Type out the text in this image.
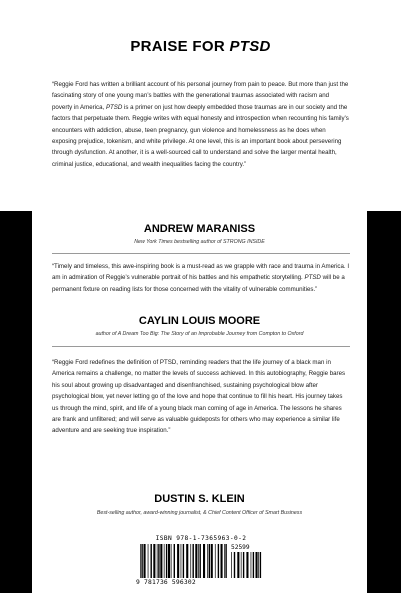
PRAISE FOR PTSD
“Reggie Ford has written a brilliant account of his personal journey from pain to peace. But more than just the fascinating story of one young man’s battles with the generational traumas associated with racism and poverty in America, PTSD is a primer on just how deeply embedded those traumas are in our society and the factors that perpetuate them. Reggie writes with equal honesty and introspection when recounting his family’s encounters with addiction, abuse, teen pregnancy, gun violence and homelessness as he does when exposing prejudice, tokenism, and white privilege. At one level, this is an important book about persevering through dysfunction. At another, it is a well-sourced call to understand and solve the larger mental health, criminal justice, educational, and wealth inequalities facing the country.”
ANDREW MARANISS
New York Times bestselling author of STRONG INSIDE
“Timely and timeless, this awe-inspiring book is a must-read as we grapple with race and trauma in America. I am in admiration of Reggie’s vulnerable portrait of his battles and his empathetic storytelling. PTSD will be a permanent fixture on reading lists for those concerned with the vitality of vulnerable communities.”
CAYLIN LOUIS MOORE
author of A Dream Too Big: The Story of an Improbable Journey from Compton to Oxford
“Reggie Ford redefines the definition of PTSD, reminding readers that the life journey of a black man in America remains a challenge, no matter the levels of success achieved. In this autobiography, Reggie bares his soul about growing up disadvantaged and disenfranchised, sustaining psychological blow after psychological blow, yet never letting go of the love and hope that continue to fill his heart. His journey takes us through the mind, spirit, and life of a young black man coming of age in America. The lessons he shares are frank and unfiltered; and will serve as valuable guideposts for others who may experience a similar life adventure and are seeking true inspiration.”
DUSTIN S. KLEIN
Best-selling author, award-winning journalist, & Chief Content Officer of Smart Business
ISBN 978-1-7365963-0-2
52599
9 781736 596302
